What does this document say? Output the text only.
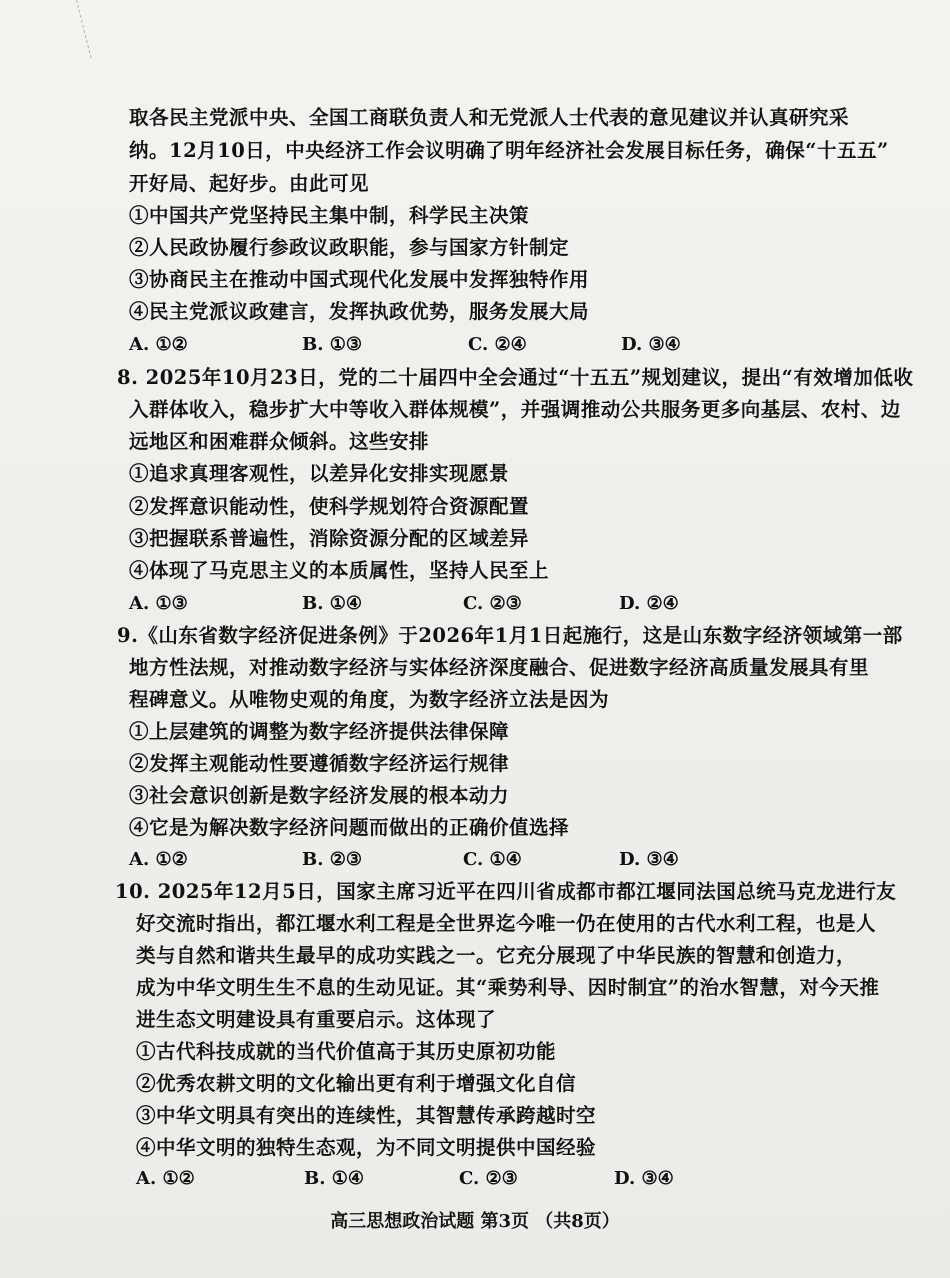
取各民主党派中央、全国工商联负责人和无党派人士代表的意见建议并认真研究采
纳。12月10日，中央经济工作会议明确了明年经济社会发展目标任务，确保“十五五”
开好局、起好步。由此可见
①中国共产党坚持民主集中制，科学民主决策
②人民政协履行参政议政职能，参与国家方针制定
③协商民主在推动中国式现代化发展中发挥独特作用
④民主党派议政建言，发挥执政优势，服务发展大局
A. ①②	B. ①③	C. ②④	D. ③④
8. 2025年10月23日，党的二十届四中全会通过“十五五”规划建议，提出“有效增加低收
入群体收入，稳步扩大中等收入群体规模”，并强调推动公共服务更多向基层、农村、边
远地区和困难群众倾斜。这些安排
①追求真理客观性，以差异化安排实现愿景
②发挥意识能动性，使科学规划符合资源配置
③把握联系普遍性，消除资源分配的区域差异
④体现了马克思主义的本质属性，坚持人民至上
A. ①③	B. ①④	C. ②③	D. ②④
9.《山东省数字经济促进条例》于2026年1月1日起施行，这是山东数字经济领域第一部
地方性法规，对推动数字经济与实体经济深度融合、促进数字经济高质量发展具有里
程碑意义。从唯物史观的角度，为数字经济立法是因为
①上层建筑的调整为数字经济提供法律保障
②发挥主观能动性要遵循数字经济运行规律
③社会意识创新是数字经济发展的根本动力
④它是为解决数字经济问题而做出的正确价值选择
A. ①②	B. ②③	C. ①④	D. ③④
10. 2025年12月5日，国家主席习近平在四川省成都市都江堰同法国总统马克龙进行友
好交流时指出，都江堰水利工程是全世界迄今唯一仍在使用的古代水利工程，也是人
类与自然和谐共生最早的成功实践之一。它充分展现了中华民族的智慧和创造力，
成为中华文明生生不息的生动见证。其“乘势利导、因时制宜”的治水智慧，对今天推
进生态文明建设具有重要启示。这体现了
①古代科技成就的当代价值高于其历史原初功能
②优秀农耕文明的文化输出更有利于增强文化自信
③中华文明具有突出的连续性，其智慧传承跨越时空
④中华文明的独特生态观，为不同文明提供中国经验
A. ①②	B. ①④	C. ②③	D. ③④
高三思想政治试题 第3页 （共8页）
